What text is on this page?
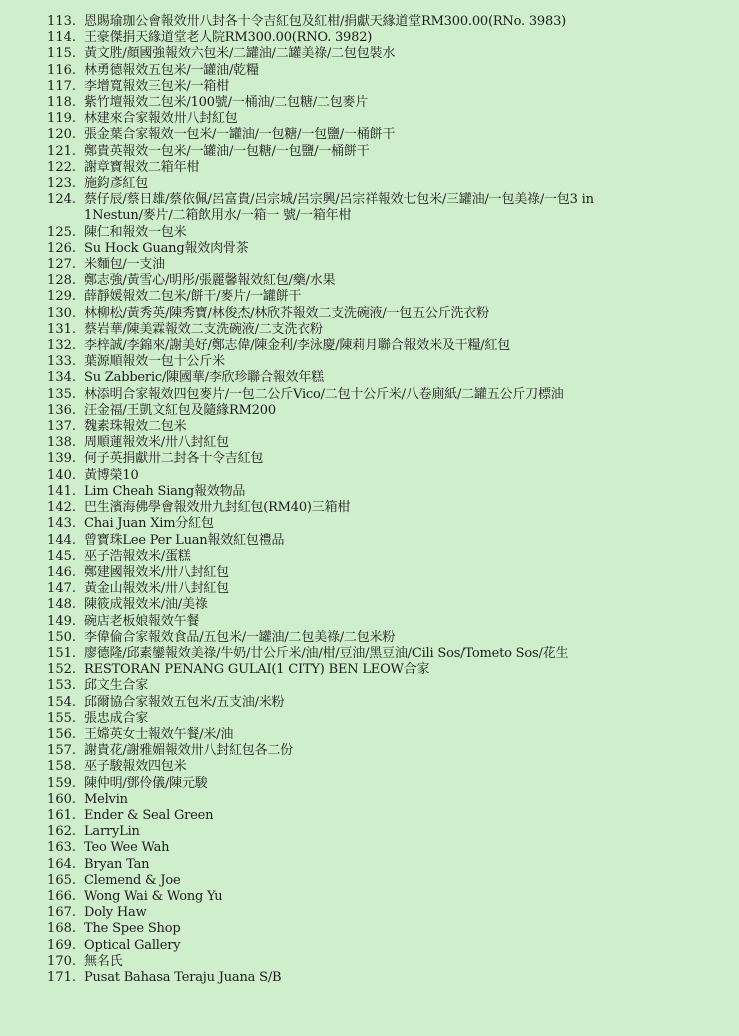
113. 恩賜瑜珈公會報效卅八封各十令吉紅包及紅柑/捐獻天緣道堂RM300.00(RNo. 3983)
114. 王豪傑捐天緣道堂老人院RM300.00(RNO. 3982)
115. 黃文胜/顏國強報效六包米/二罐油/二罐美祿/二包包裝水
116. 林勇德報效五包米/一罐油/乾糧
117. 李增寬報效三包米/一箱柑
118. 紫竹壇報效二包米/100號/一桶油/二包糖/二包麥片
119. 林建來合家報效卅八封紅包
120. 張金葉合家報效一包米/一罐油/一包糖/一包鹽/一桶餅干
121. 鄭貴英報效一包米/一罐油/一包糖/一包鹽/一桶餅干
122. 謝章寶報效二箱年柑
123. 施鈞彥紅包
124. 蔡仔辰/蔡日雄/蔡依佩/呂富貴/呂宗城/呂宗興/呂宗祥報效七包米/三罐油/一包美祿/一包3 in 1Nestun/麥片/二箱飲用水/一箱一 號/一箱年柑
125. 陳仁和報效一包米
126. Su Hock Guang報效肉骨茶
127. 米麵包/一支油
128. 鄭志強/黃雪心/明彤/張麗馨報效紅包/藥/水果
129. 薛靜媛報效二包米/餅干/麥片/一罐餅干
130. 林柳松/黃秀英/陳秀寶/林俊杰/林欣芥報效二支洗碗液/一包五公斤洗衣粉
131. 蔡岩華/陳美霖報效二支洗碗液/二支洗衣粉
132. 李梓誠/李錦來/謝美好/鄭志偉/陳金利/李泳慶/陳莉月聯合報效米及干糧/紅包
133. 葉源順報效一包十公斤米
134. Su Zabberic/陳國華/李欣珍聯合報效年糕
135. 林添明合家報效四包麥片/一包二公斤Vico/二包十公斤米/八卷廁紙/二罐五公斤刀標油
136. 汪金福/王凱文紅包及隨緣RM200
137. 魏素珠報效二包米
138. 周順蓮報效米/卅八封紅包
139. 何子英捐獻卅二封各十令吉紅包
140. 黃博榮10
141. Lim Cheah Siang報效物品
142. 巴生濱海佛學會報效卅九封紅包(RM40)三箱柑
143. Chai Juan Xim分紅包
144. 曾寶珠Lee Per Luan報效紅包禮品
145. 巫子浩報效米/蛋糕
146. 鄭建國報效米/卅八封紅包
147. 黃金山報效米/卅八封紅包
148. 陳筱成報效米/油/美祿
149. 碗店老板娘報效午餐
150. 李偉倫合家報效食品/五包米/一罐油/二包美祿/二包米粉
151. 廖德隆/邱素鑾報效美祿/牛奶/廿公斤米/油/柑/豆油/黑豆油/Cili Sos/Tometo Sos/花生
152. RESTORAN PENANG GULAI(1 CITY) BEN LEOW合家
153. 邱文生合家
154. 邱爾協合家報效五包米/五支油/米粉
155. 張忠成合家
156. 王嫦英女士報效午餐/米/油
157. 謝貴花/謝雅媚報效卅八封紅包各二份
158. 巫子駿報效四包米
159. 陳仲明/鄧伶儀/陳元駿
160. Melvin
161. Ender & Seal Green
162. LarryLin
163. Teo Wee Wah
164. Bryan Tan
165. Clemend & Joe
166. Wong Wai & Wong Yu
167. Doly Haw
168. The Spee Shop
169. Optical Gallery
170. 無名氏
171. Pusat Bahasa Teraju Juana S/B
